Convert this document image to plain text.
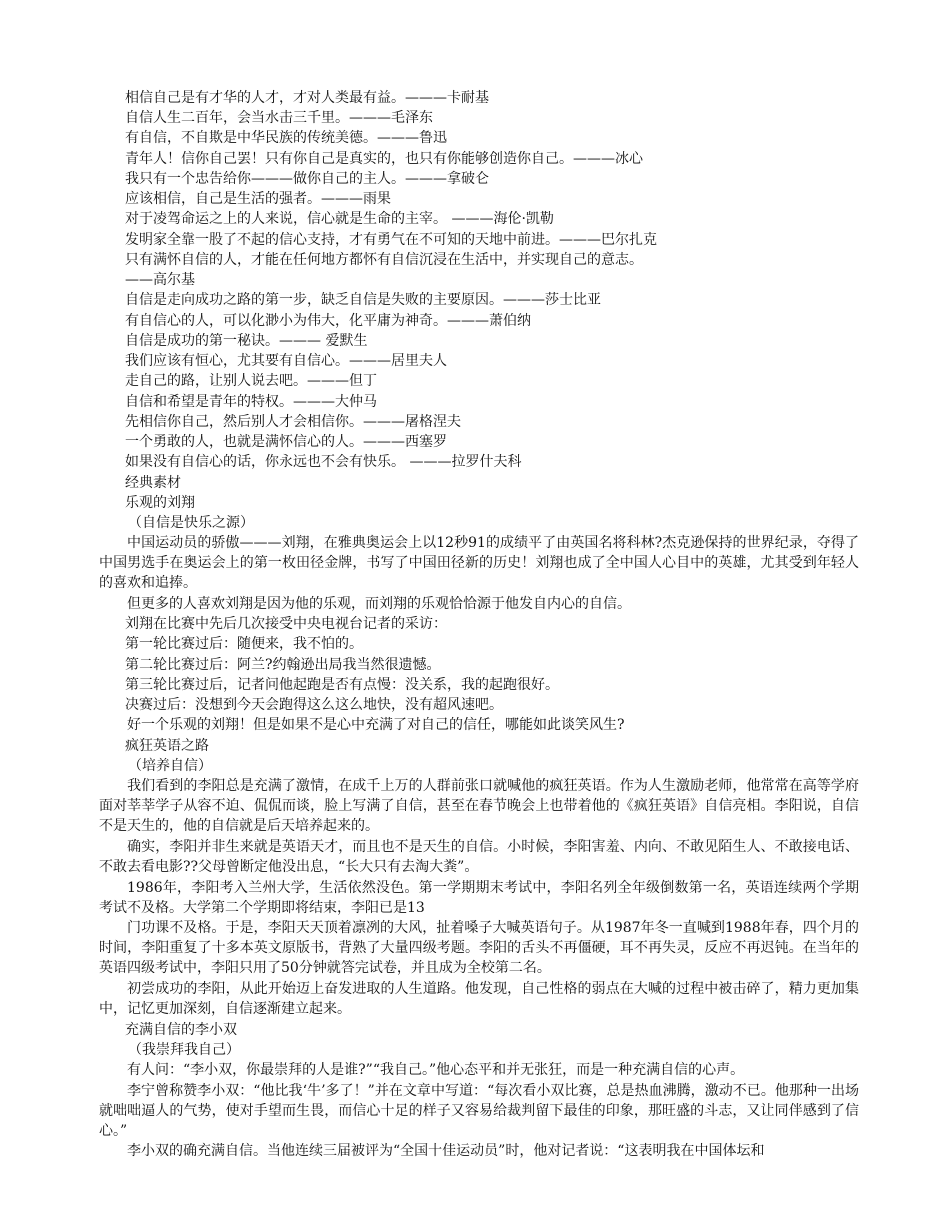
相信自己是有才华的人才，才对人类最有益。———卡耐基
自信人生二百年，会当水击三千里。———毛泽东
有自信，不自欺是中华民族的传统美德。———鲁迅
青年人！信你自己罢！只有你自己是真实的，也只有你能够创造你自己。———冰心
我只有一个忠告给你———做你自己的主人。———拿破仑
应该相信，自己是生活的强者。———雨果
对于凌驾命运之上的人来说，信心就是生命的主宰。 ———海伦·凯勒
发明家全靠一股了不起的信心支持，才有勇气在不可知的天地中前进。———巴尔扎克
只有满怀自信的人，才能在任何地方都怀有自信沉浸在生活中，并实现自己的意志。
——高尔基
自信是走向成功之路的第一步，缺乏自信是失败的主要原因。———莎士比亚
有自信心的人，可以化渺小为伟大，化平庸为神奇。———萧伯纳
自信是成功的第一秘诀。——— 爱默生
我们应该有恒心，尤其要有自信心。———居里夫人
走自己的路，让别人说去吧。———但丁
自信和希望是青年的特权。———大仲马
先相信你自己，然后别人才会相信你。———屠格涅夫
一个勇敢的人，也就是满怀信心的人。———西塞罗
如果没有自信心的话，你永远也不会有快乐。 ———拉罗什夫科
经典素材
乐观的刘翔
（自信是快乐之源）
中国运动员的骄傲———刘翔，在雅典奥运会上以12秒91的成绩平了由英国名将科林?杰克逊保持的世界纪录，夺得了中国男选手在奥运会上的第一枚田径金牌，书写了中国田径新的历史！刘翔也成了全中国人心目中的英雄，尤其受到年轻人的喜欢和追捧。
但更多的人喜欢刘翔是因为他的乐观，而刘翔的乐观恰恰源于他发自内心的自信。
刘翔在比赛中先后几次接受中央电视台记者的采访：
第一轮比赛过后：随便来，我不怕的。
第二轮比赛过后：阿兰?约翰逊出局我当然很遗憾。
第三轮比赛过后，记者问他起跑是否有点慢：没关系，我的起跑很好。
决赛过后：没想到今天会跑得这么这么地快，没有超风速吧。
好一个乐观的刘翔！但是如果不是心中充满了对自己的信任，哪能如此谈笑风生?
疯狂英语之路
（培养自信）
我们看到的李阳总是充满了激情，在成千上万的人群前张口就喊他的疯狂英语。作为人生激励老师，他常常在高等学府面对莘莘学子从容不迫、侃侃而谈，脸上写满了自信，甚至在春节晚会上也带着他的《疯狂英语》自信亮相。李阳说，自信不是天生的，他的自信就是后天培养起来的。
确实，李阳并非生来就是英语天才，而且也不是天生的自信。小时候，李阳害羞、内向、不敢见陌生人、不敢接电话、不敢去看电影??父母曾断定他没出息，“长大只有去淘大粪”。
1986年，李阳考入兰州大学，生活依然没色。第一学期期末考试中，李阳名列全年级倒数第一名，英语连续两个学期考试不及格。大学第二个学期即将结束，李阳已是13
门功课不及格。于是，李阳天天顶着凛冽的大风，扯着嗓子大喊英语句子。从1987年冬一直喊到1988年春，四个月的时间，李阳重复了十多本英文原版书，背熟了大量四级考题。李阳的舌头不再僵硬，耳不再失灵，反应不再迟钝。在当年的英语四级考试中，李阳只用了50分钟就答完试卷，并且成为全校第二名。
初尝成功的李阳，从此开始迈上奋发进取的人生道路。他发现，自己性格的弱点在大喊的过程中被击碎了，精力更加集中，记忆更加深刻，自信逐渐建立起来。
充满自信的李小双
（我崇拜我自己）
有人问：“李小双，你最崇拜的人是谁?”“我自己。”他心态平和并无张狂，而是一种充满自信的心声。
李宁曾称赞李小双：“他比我‘牛’多了！”并在文章中写道：“每次看小双比赛，总是热血沸腾，激动不已。他那种一出场就咄咄逼人的气势，使对手望而生畏，而信心十足的样子又容易给裁判留下最佳的印象，那旺盛的斗志，又让同伴感到了信心。”
李小双的确充满自信。当他连续三届被评为“全国十佳运动员”时，他对记者说：“这表明我在中国体坛和
